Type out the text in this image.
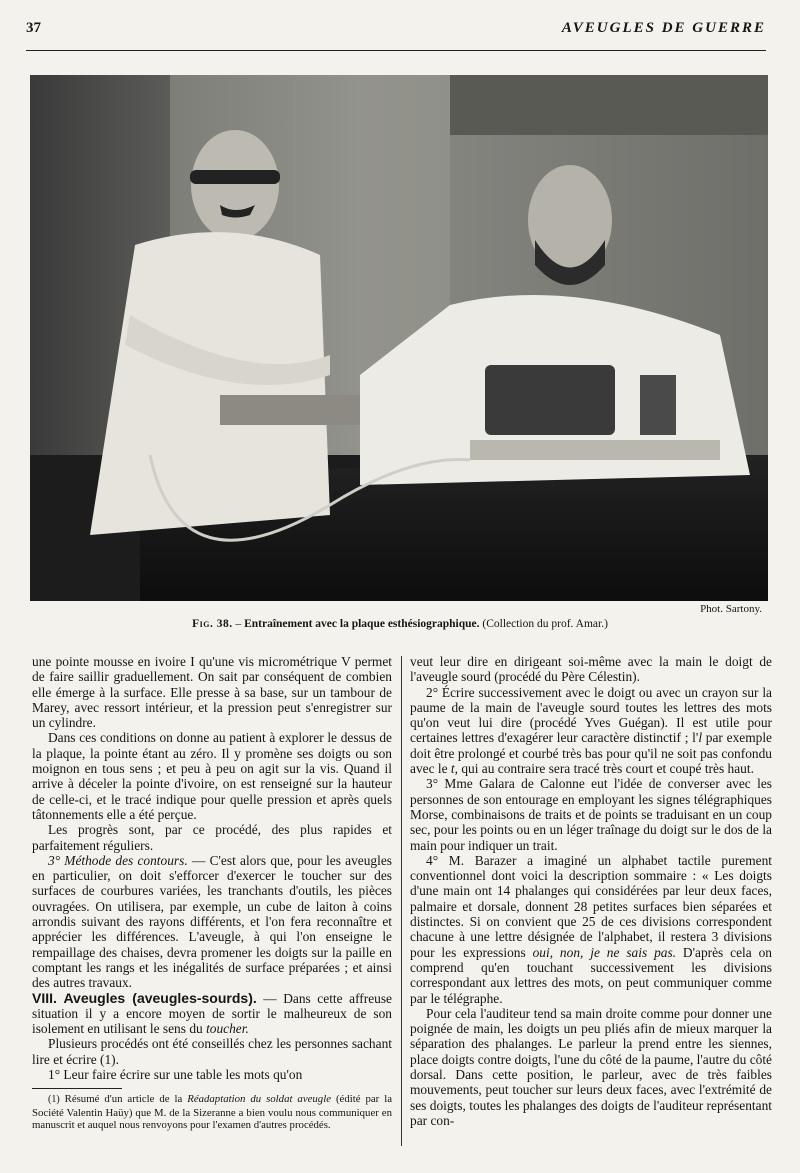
37	AVEUGLES DE GUERRE
Phot. Sartony.
Fig. 38. – Entraînement avec la plaque esthésiographique. (Collection du prof. Amar.)

une pointe mousse en ivoire I qu'une vis micrométrique V permet de faire saillir graduellement. On sait par conséquent de combien elle émerge à la surface. Elle presse à sa base, sur un tambour de Marey, avec ressort intérieur, et la pression peut s'enregistrer sur un cylindre.

Dans ces conditions on donne au patient à explorer le dessus de la plaque, la pointe étant au zéro. Il y promène ses doigts ou son moignon en tous sens ; et peu à peu on agit sur la vis. Quand il arrive à déceler la pointe d'ivoire, on est renseigné sur la hauteur de celle-ci, et le tracé indique pour quelle pression et après quels tâtonnements elle a été perçue.

Les progrès sont, par ce procédé, des plus rapides et parfaitement réguliers.

3° Méthode des contours. — C'est alors que, pour les aveugles en particulier, on doit s'efforcer d'exercer le toucher sur des surfaces de courbures variées, les tranchants d'outils, les pièces ouvragées. On utilisera, par exemple, un cube de laiton à coins arrondis suivant des rayons différents, et l'on fera reconnaître et apprécier les différences. L'aveugle, à qui l'on enseigne le rempaillage des chaises, devra promener les doigts sur la paille en comptant les rangs et les inégalités de surface préparées ; et ainsi des autres travaux.

VIII. Aveugles (aveugles-sourds). — Dans cette affreuse situation il y a encore moyen de sortir le malheureux de son isolement en utilisant le sens du toucher.

Plusieurs procédés ont été conseillés chez les personnes sachant lire et écrire (1).

1° Leur faire écrire sur une table les mots qu'on

(1) Résumé d'un article de la Réadaptation du soldat aveugle (édité par la Société Valentin Haüy) que M. de la Sizeranne a bien voulu nous communiquer en manuscrit et auquel nous renvoyons pour l'examen d'autres procédés.

veut leur dire en dirigeant soi-même avec la main le doigt de l'aveugle sourd (procédé du Père Célestin).

2° Écrire successivement avec le doigt ou avec un crayon sur la paume de la main de l'aveugle sourd toutes les lettres des mots qu'on veut lui dire (procédé Yves Guégan). Il est utile pour certaines lettres d'exagérer leur caractère distinctif ; l'l par exemple doit être prolongé et courbé très bas pour qu'il ne soit pas confondu avec le t, qui au contraire sera tracé très court et coupé très haut.

3° Mme Galara de Calonne eut l'idée de converser avec les personnes de son entourage en employant les signes télégraphiques Morse, combinaisons de traits et de points se traduisant en un coup sec, pour les points ou en un léger traînage du doigt sur le dos de la main pour indiquer un trait.

4° M. Barazer a imaginé un alphabet tactile purement conventionnel dont voici la description sommaire : « Les doigts d'une main ont 14 phalanges qui considérées par leur deux faces, palmaire et dorsale, donnent 28 petites surfaces bien séparées et distinctes. Si on convient que 25 de ces divisions correspondent chacune à une lettre désignée de l'alphabet, il restera 3 divisions pour les expressions oui, non, je ne sais pas. D'après cela on comprend qu'en touchant successivement les divisions correspondant aux lettres des mots, on peut communiquer comme par le télégraphe.

Pour cela l'auditeur tend sa main droite comme pour donner une poignée de main, les doigts un peu pliés afin de mieux marquer la séparation des phalanges. Le parleur la prend entre les siennes, place doigts contre doigts, l'une du côté de la paume, l'autre du côté dorsal. Dans cette position, le parleur, avec de très faibles mouvements, peut toucher sur leurs deux faces, avec l'extrémité de ses doigts, toutes les phalanges des doigts de l'auditeur représentant par con-
